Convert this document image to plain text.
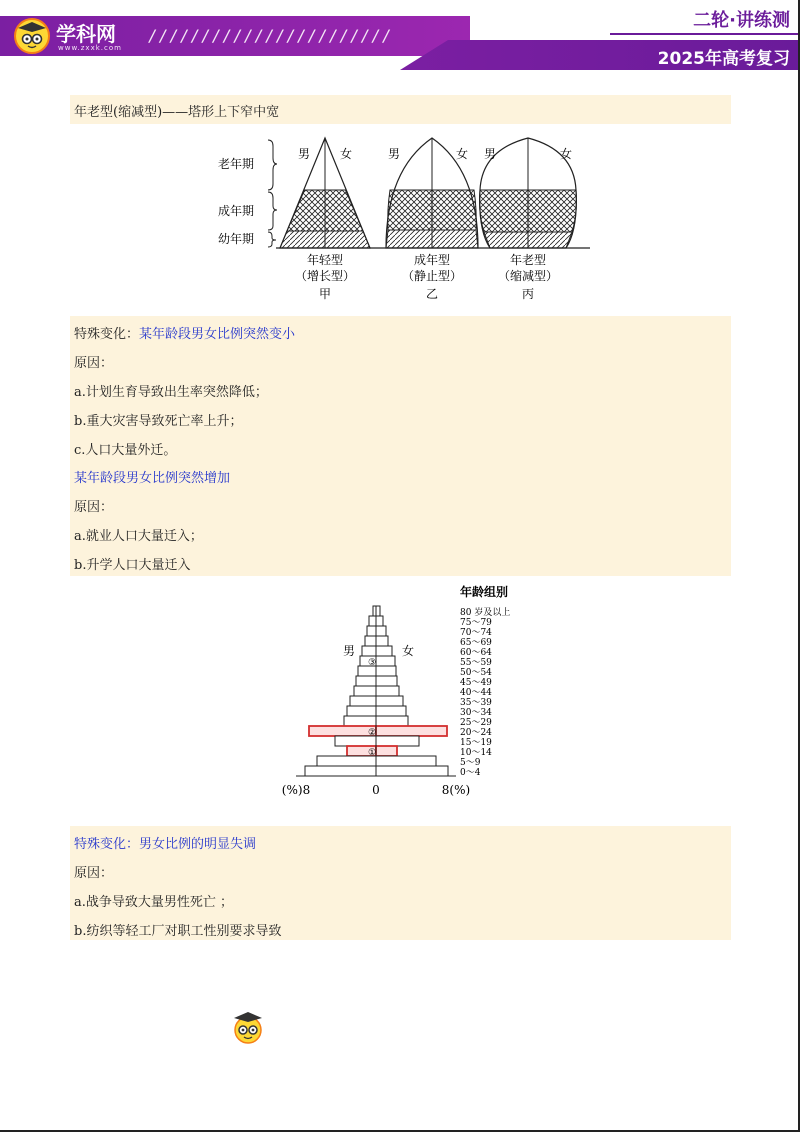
学科网
www.zxxk.com
///////////////////////
二轮·讲练测
2025年高考复习
年老型(缩减型)——塔形上下窄中宽
老年期
成年期
幼年期
男 女	男	女 男	女
年轻型
（增长型）
甲
成年型
（静止型）
乙
年老型
（缩减型）
丙
特殊变化：某年龄段男女比例突然变小
原因：
a.计划生育导致出生率突然降低；
b.重大灾害导致死亡率上升；
c.人口大量外迁。
某年龄段男女比例突然增加
原因：
a.就业人口大量迁入；
b.升学人口大量迁入
年龄组别
男	女
③
②
①
80 岁及以上
75～79
70～74
65～69
60～64
55～59
50～54
45～49
40～44
35～39
30～34
25～29
20～24
15～19
10～14
5～9
0～4
(%)8	0	8(%)
特殊变化：男女比例的明显失调
原因：
a.战争导致大量男性死亡 ；
b.纺织等轻工厂对职工性别要求导致
